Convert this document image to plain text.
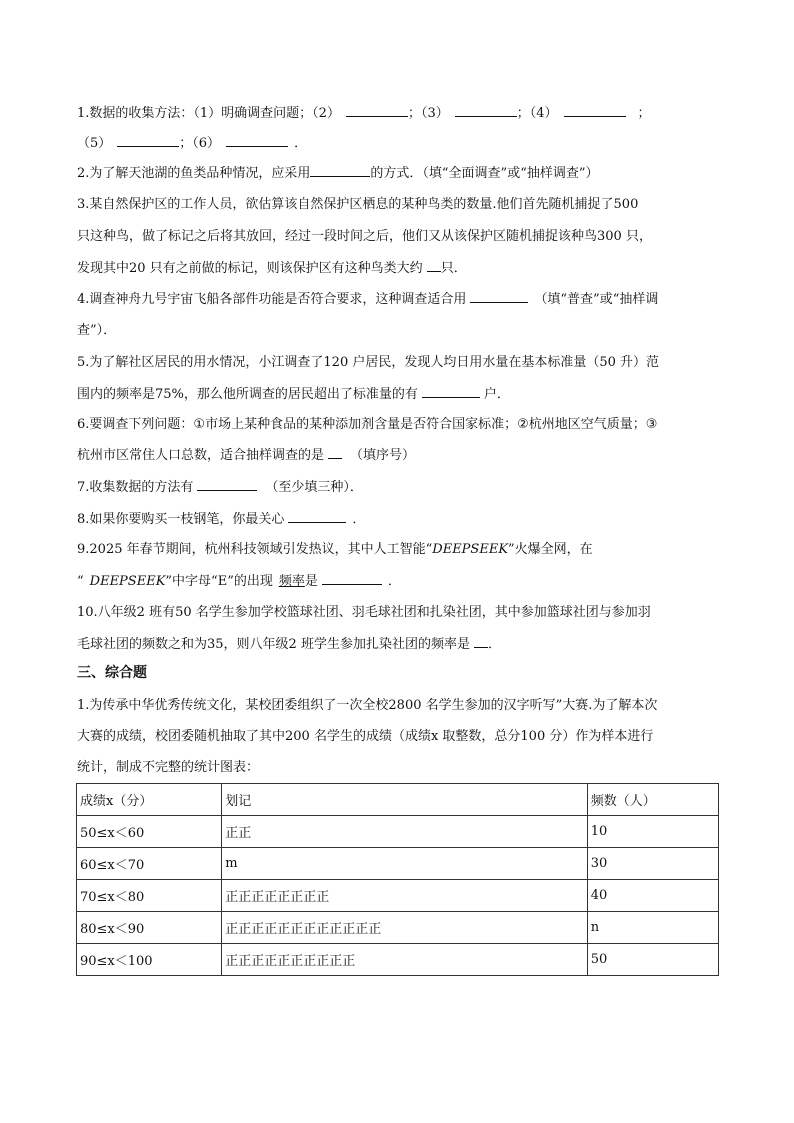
1.数据的收集方法：（1）明确调查问题；（2）	；（3）	；（4）	；
（5）	；（6）	．
2.为了解天池湖的鱼类品种情况，应采用	的方式．（填“全面调查”或“抽样调查”）
3.某自然保护区的工作人员，欲估算该自然保护区栖息的某种鸟类的数量.他们首先随机捕捉了500
只这种鸟，做了标记之后将其放回，经过一段时间之后，他们又从该保护区随机捕捉该种鸟300 只，
发现其中20 只有之前做的标记，则该保护区有这种鸟类大约 只．
4.调查神舟九号宇宙飞船各部件功能是否符合要求，这种调查适合用	（填“普查”或“抽样调
查”）．
5.为了解社区居民的用水情况，小江调查了120 户居民，发现人均日用水量在基本标准量（50 升）范
围内的频率是75%，那么他所调查的居民超出了标准量的有	户．
6.要调查下列问题：①市场上某种食品的某种添加剂含量是否符合国家标准；②杭州地区空气质量；③
杭州市区常住人口总数，适合抽样调查的是 （填序号）
7.收集数据的方法有	（至少填三种）．
8.如果你要购买一枝钢笔，你最关心	．
9.2025 年春节期间，杭州科技领域引发热议，其中人工智能“DEEPSEEK”火爆全网，在
“ DEEPSEEK”中字母“E”的出现 频率是	．
10.八年级2 班有50 名学生参加学校篮球社团、羽毛球社团和扎染社团，其中参加篮球社团与参加羽
毛球社团的频数之和为35，则八年级2 班学生参加扎染社团的频率是 ．
三、综合题
1.为传承中华优秀传统文化，某校团委组织了一次全校2800 名学生参加的汉字听写”大赛.为了解本次
大赛的成绩，校团委随机抽取了其中200 名学生的成绩（成绩x 取整数，总分100 分）作为样本进行
统计，制成不完整的统计图表：
成绩x（分）	划记	频数（人）
50≤x＜60	正正	10
60≤x＜70	m	30
70≤x＜80	正正正正正正正正	40
80≤x＜90	正正正正正正正正正正正正	n
90≤x＜100	正正正正正正正正正正	50
